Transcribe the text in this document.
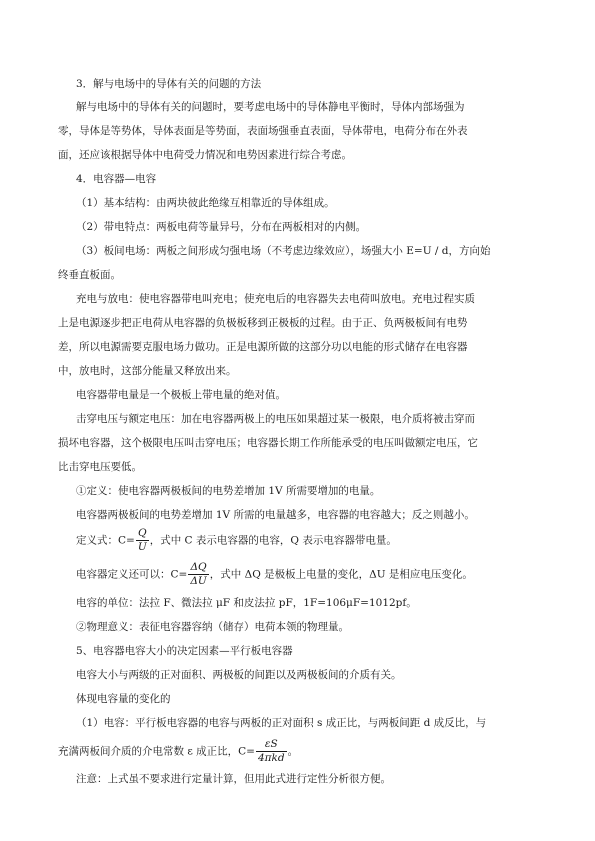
3．解与电场中的导体有关的问题的方法
解与电场中的导体有关的问题时，要考虑电场中的导体静电平衡时，导体内部场强为
零，导体是等势体，导体表面是等势面，表面场强垂直表面，导体带电，电荷分布在外表
面，还应该根据导体中电荷受力情况和电势因素进行综合考虑。
4．电容器—电容
（1）基本结构：由两块彼此绝缘互相靠近的导体组成。
（2）带电特点：两板电荷等量异号，分布在两板相对的内侧。
（3）板间电场：两板之间形成匀强电场（不考虑边缘效应），场强大小 E=U / d，方向始
终垂直板面。
充电与放电：使电容器带电叫充电；使充电后的电容器失去电荷叫放电。充电过程实质
上是电源逐步把正电荷从电容器的负极板移到正极板的过程。由于正、负两极板间有电势
差，所以电源需要克服电场力做功。正是电源所做的这部分功以电能的形式储存在电容器
中，放电时，这部分能量又释放出来。
电容器带电量是一个极板上带电量的绝对值。
击穿电压与额定电压：加在电容器两极上的电压如果超过某一极限，电介质将被击穿而
损坏电容器，这个极限电压叫击穿电压；电容器长期工作所能承受的电压叫做额定电压，它
比击穿电压要低。
①定义：使电容器两极板间的电势差增加 1V 所需要增加的电量。
电容器两极板间的电势差增加 1V 所需的电量越多，电容器的电容越大；反之则越小。
定义式：$C= \frac{Q}{U}$ ，式中 C 表示电容器的电容，Q 表示电容器带电量。
电容器定义还可以：$C= \frac{\Delta Q}{\Delta U}$ ，式中 ΔQ 是极板上电量的变化，ΔU 是相应电压变化。
电容的单位：法拉 F、微法拉 μF 和皮法拉 pF，1F=106μF=1012pf。
②物理意义：表征电容器容纳（储存）电荷本领的物理量。
5、电容器电容大小的决定因素—平行板电容器
电容大小与两级的正对面积、两极板的间距以及两极板间的介质有关。
体现电容量的变化的
（1）电容：平行板电容器的电容与两板的正对面积 s 成正比，与两板间距 d 成反比，与
充满两板间介质的介电常数 ε 成正比，$C= \frac{\varepsilon S}{\text{4πkd}}$ 。
注意：上式虽不要求进行定量计算，但用此式进行定性分析很方便。
